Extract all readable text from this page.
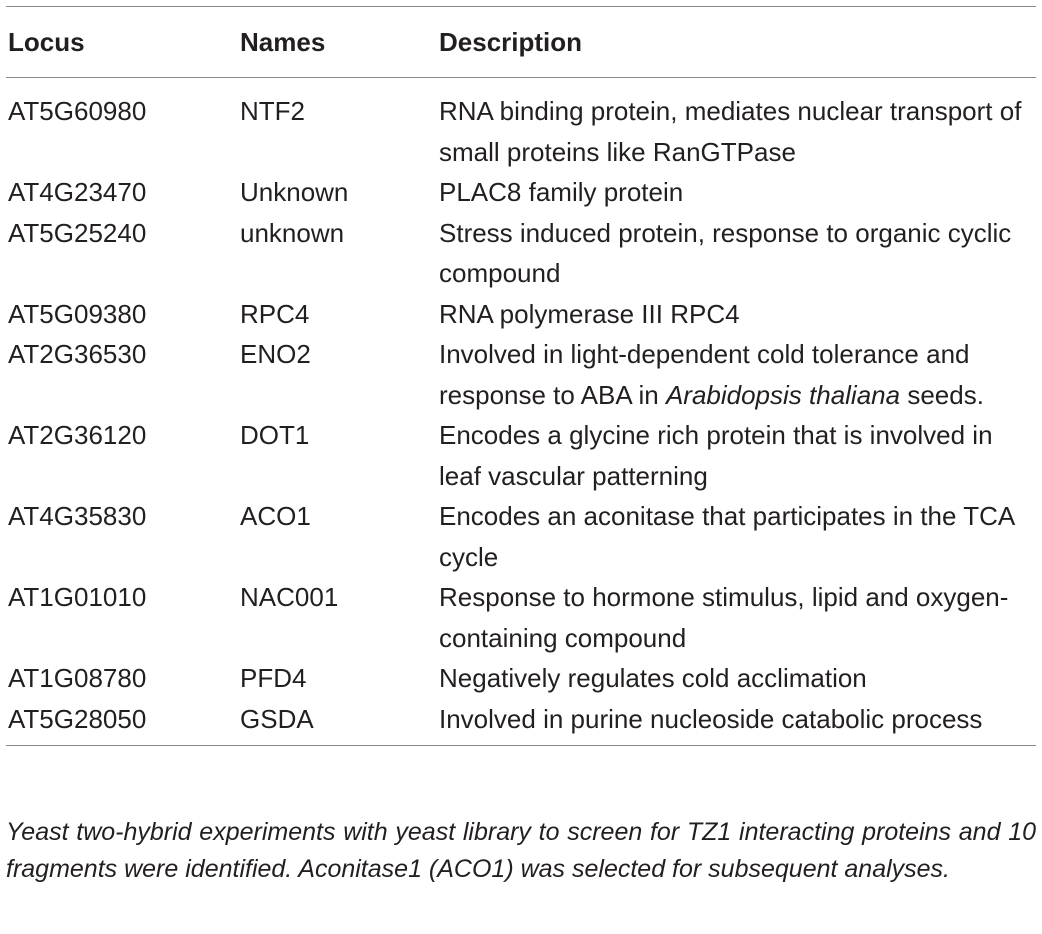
Locus	Names	Description
AT5G60980	NTF2	RNA binding protein, mediates nuclear transport of small proteins like RanGTPase
AT4G23470	Unknown	PLAC8 family protein
AT5G25240	unknown	Stress induced protein, response to organic cyclic compound
AT5G09380	RPC4	RNA polymerase III RPC4
AT2G36530	ENO2	Involved in light-dependent cold tolerance and response to ABA in Arabidopsis thaliana seeds.
AT2G36120	DOT1	Encodes a glycine rich protein that is involved in leaf vascular patterning
AT4G35830	ACO1	Encodes an aconitase that participates in the TCA cycle
AT1G01010	NAC001	Response to hormone stimulus, lipid and oxygen-containing compound
AT1G08780	PFD4	Negatively regulates cold acclimation
AT5G28050	GSDA	Involved in purine nucleoside catabolic process

Yeast two-hybrid experiments with yeast library to screen for TZ1 interacting proteins and 10 fragments were identified. Aconitase1 (ACO1) was selected for subsequent analyses.
